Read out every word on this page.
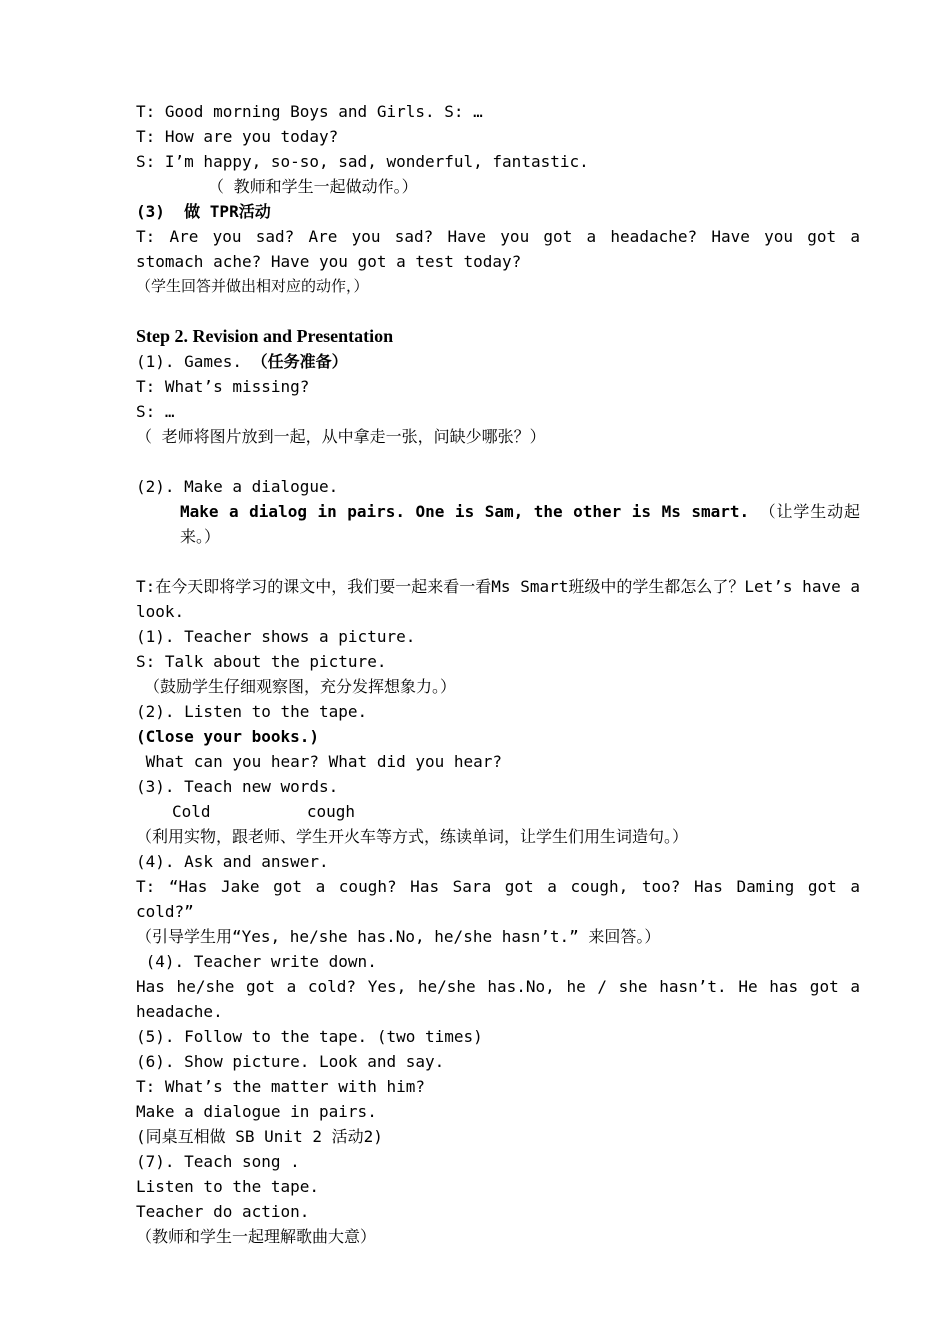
T: Good morning Boys and Girls. S: …
T: How are you today?
S: I’m happy, so-so, sad, wonderful, fantastic.
（ 教师和学生一起做动作。）
(3)  做 TPR活动
T: Are you sad? Are you sad? Have you got a headache? Have you got a stomach ache? Have you got a test today?
（学生回答并做出相对应的动作，）
Step 2. Revision and Presentation
(1). Games. （任务准备）
T: What’s missing?
S: …
（ 老师将图片放到一起，从中拿走一张，问缺少哪张？）
(2). Make a dialogue.
Make a dialog in pairs. One is Sam, the other is Ms smart. （让学生动起来。）
T:在今天即将学习的课文中，我们要一起来看一看Ms Smart班级中的学生都怎么了？Let’s have a look.
(1). Teacher shows a picture.
S: Talk about the picture.
（鼓励学生仔细观察图，充分发挥想象力。）
(2). Listen to the tape.
(Close your books.)
What can you hear? What did you hear?
(3). Teach new words.
Cold          cough
（利用实物，跟老师、学生开火车等方式，练读单词，让学生们用生词造句。）
(4). Ask and answer.
T: “Has Jake got a cough? Has Sara got a cough, too? Has Daming got a cold?”
（引导学生用“Yes, he/she has.No, he/she hasn’t.” 来回答。）
(4). Teacher write down.
Has he/she got a cold? Yes, he/she has.No, he / she hasn’t. He has got a headache.
(5). Follow to the tape. (two times)
(6). Show picture. Look and say.
T: What’s the matter with him?
Make a dialogue in pairs.
(同桌互相做 SB Unit 2 活动2)
(7). Teach song .
Listen to the tape.
Teacher do action.
（教师和学生一起理解歌曲大意）
